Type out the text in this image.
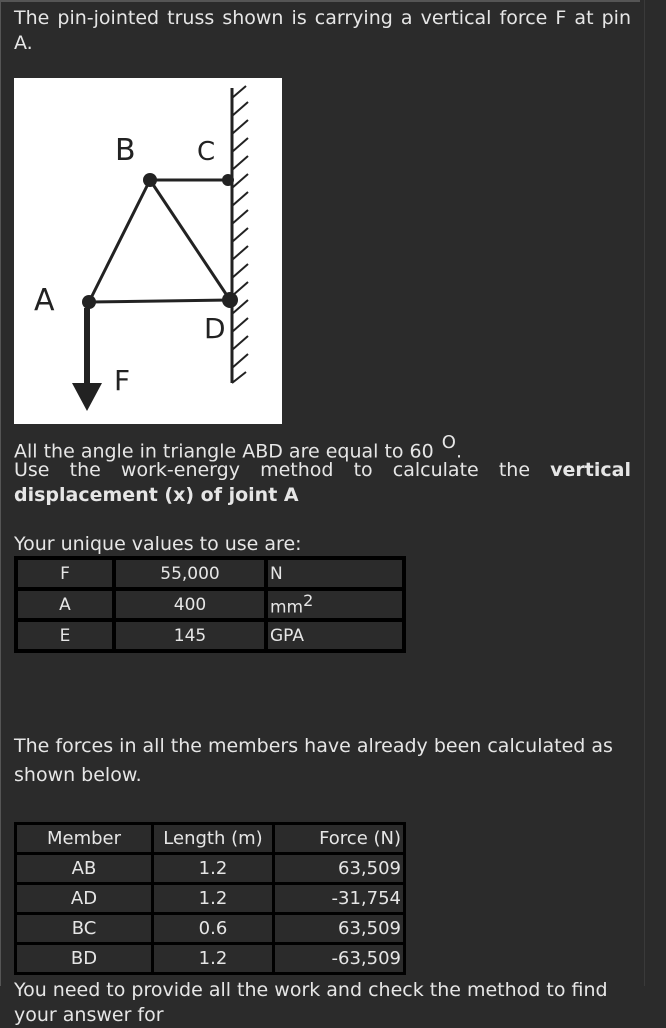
The pin-jointed truss shown is carrying a vertical force F at pin A.
B C
A
D
F
All the angle in triangle ABD are equal to 60 $^O$.
Use the work-energy method to calculate the vertical displacement (x) of joint A
Your unique values to use are:
F	55,000	N
A	400	$mm^2$
E	145	GPA
The forces in all the members have already been calculated as shown below.
Member	Length (m)	Force (N)
AB	1.2	63,509
AD	1.2	-31,754
BC	0.6	63,509
BD	1.2	-63,509
You need to provide all the work and check the method to find your answer for
